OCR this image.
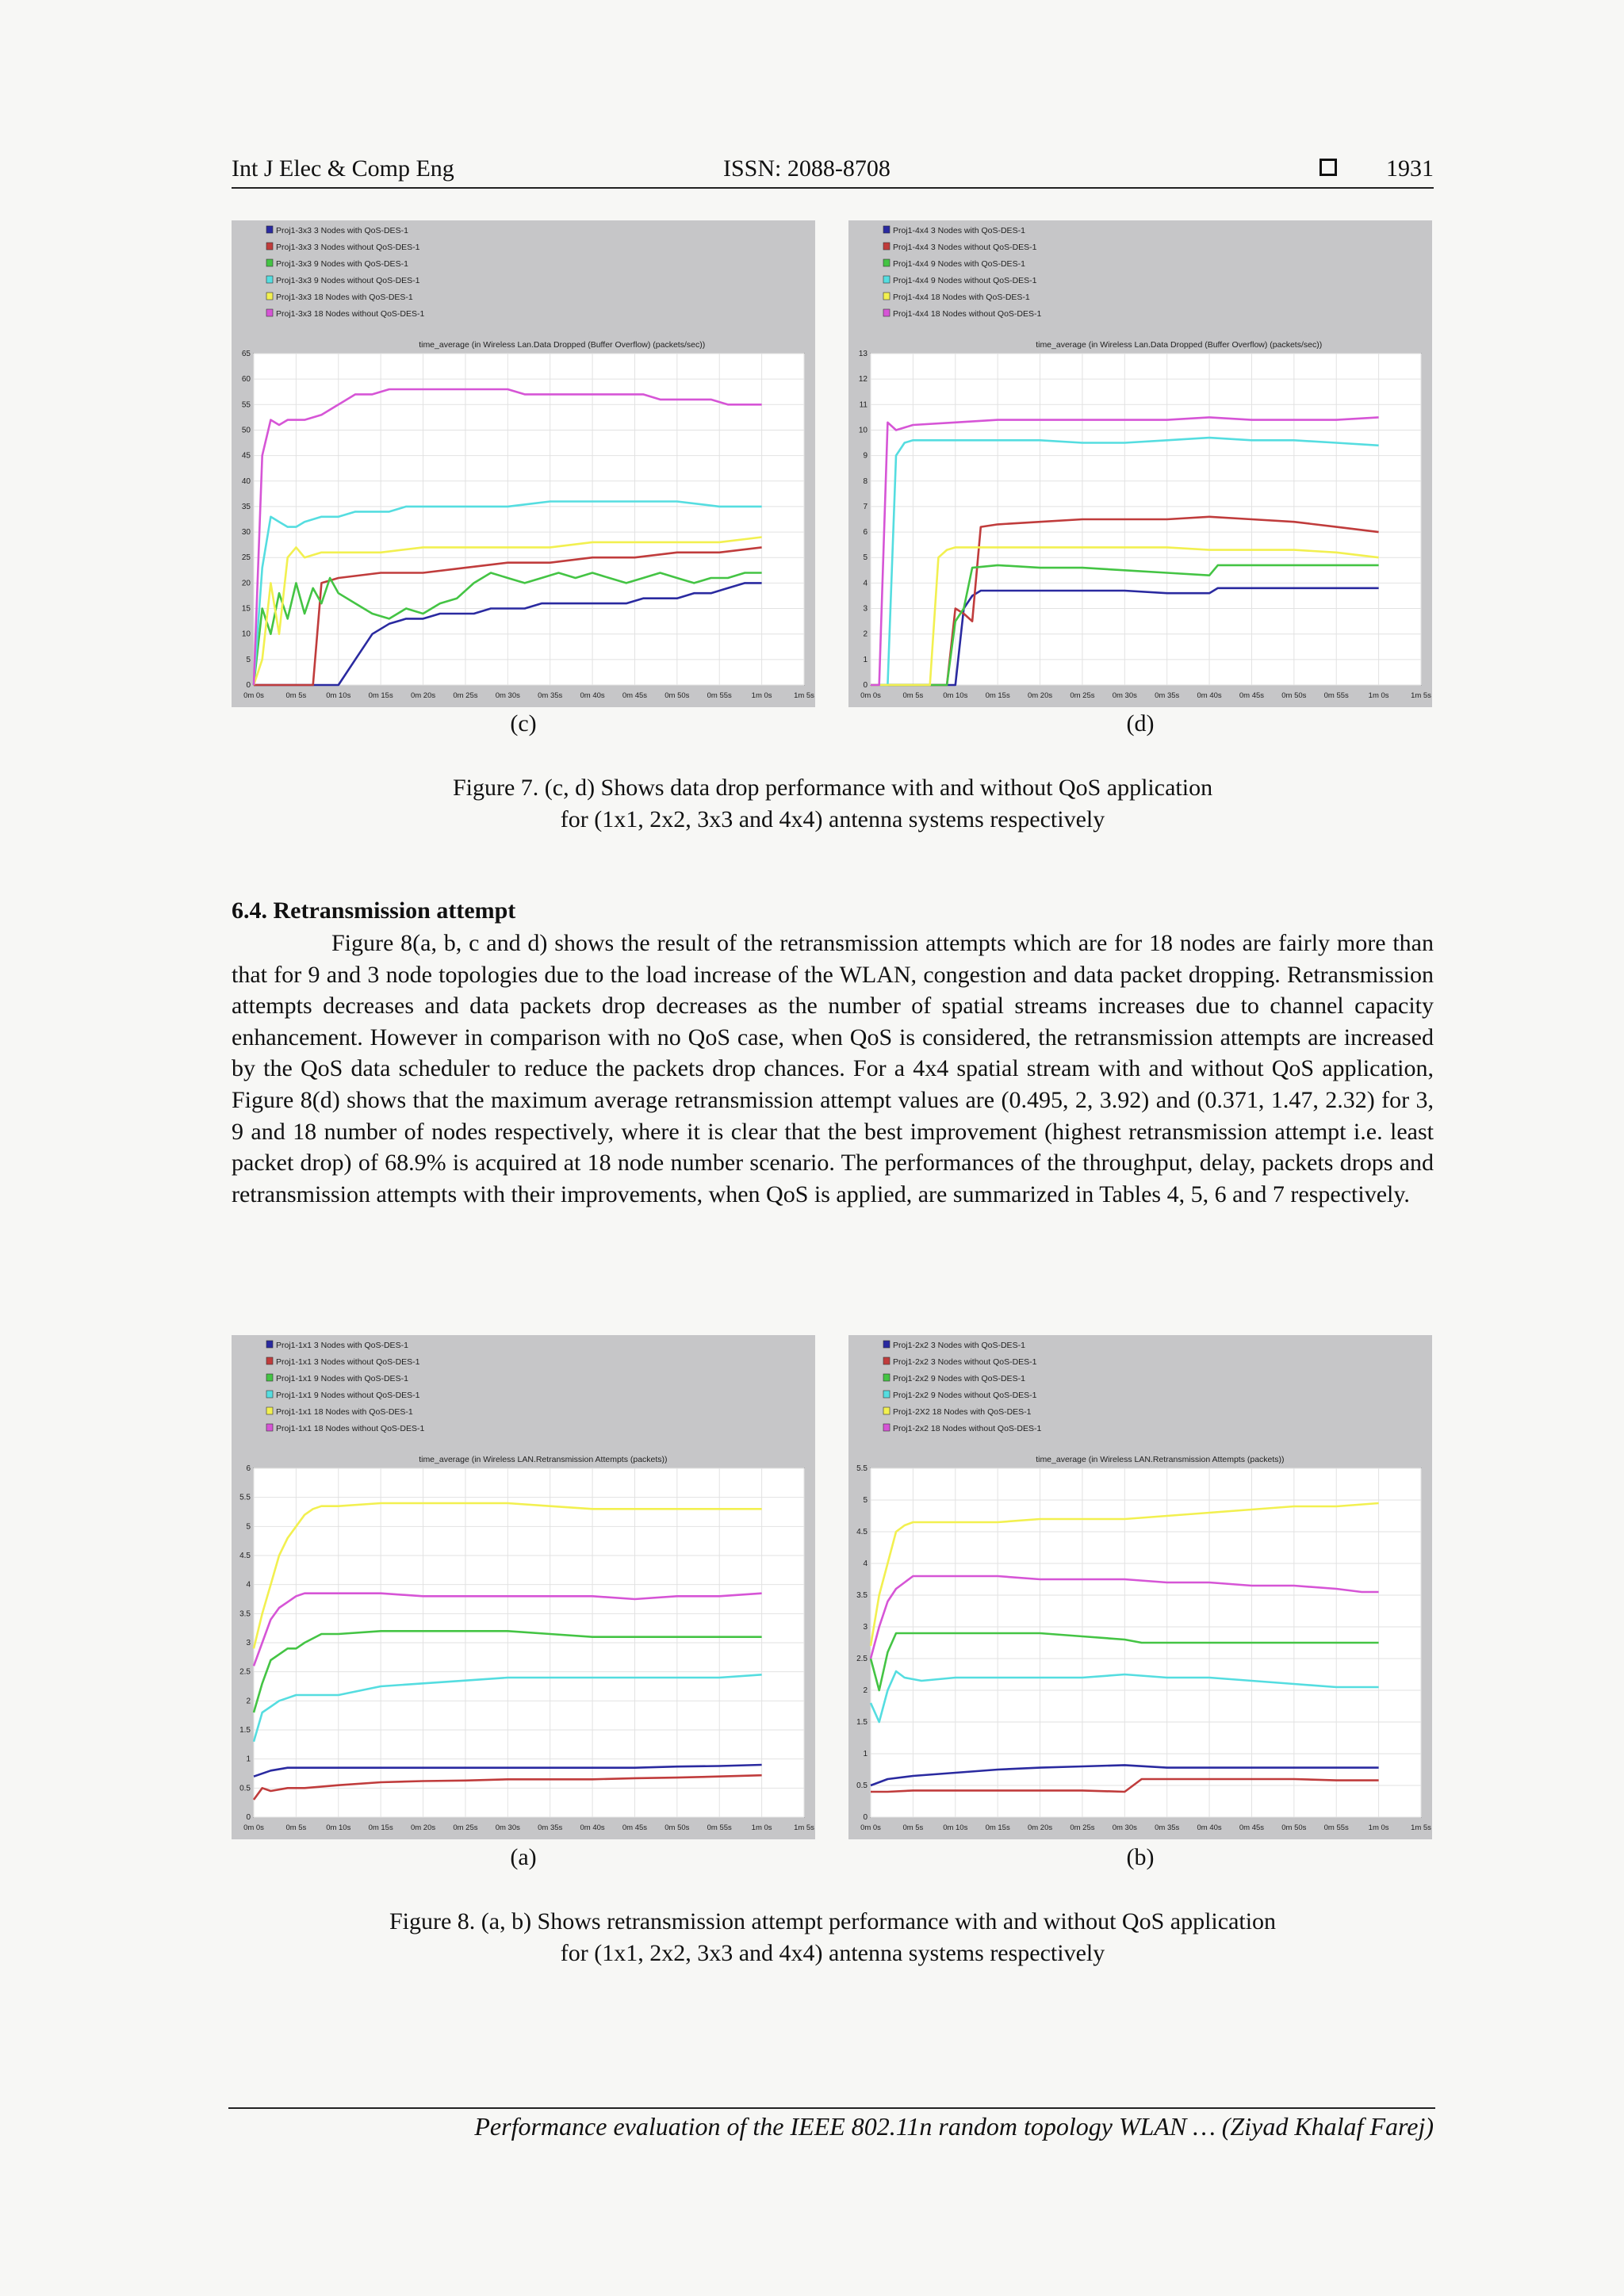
Int J Elec & Comp Eng	ISSN: 2088-8708	1931
Proj1-3x3 3 Nodes with QoS-DES-1
Proj1-3x3 3 Nodes without QoS-DES-1
Proj1-3x3 9 Nodes with QoS-DES-1
Proj1-3x3 9 Nodes without QoS-DES-1
Proj1-3x3 18 Nodes with QoS-DES-1
Proj1-3x3 18 Nodes without QoS-DES-1
time_average (in Wireless Lan.Data Dropped (Buffer Overflow) (packets/sec))
0
5
10
15
20
25
30
35
40
45
50
55
60
65
0m 0s	0m 5s	0m 10s 0m 15s 0m 20s 0m 25s 0m 30s 0m 35s 0m 40s 0m 45s 0m 50s 0m 55s	1m 0s	1m 5s
(c)
Proj1-4x4 3 Nodes with QoS-DES-1
Proj1-4x4 3 Nodes without QoS-DES-1
Proj1-4x4 9 Nodes with QoS-DES-1
Proj1-4x4 9 Nodes without QoS-DES-1
Proj1-4x4 18 Nodes with QoS-DES-1
Proj1-4x4 18 Nodes without QoS-DES-1
time_average (in Wireless Lan.Data Dropped (Buffer Overflow) (packets/sec))
0
1
2
3
4
5
6
7
8
9
10
11
12
13
0m 0s	0m 5s	0m 10s 0m 15s 0m 20s 0m 25s 0m 30s 0m 35s 0m 40s 0m 45s 0m 50s 0m 55s	1m 0s	1m 5s
(d)
Figure 7. (c, d) Shows data drop performance with and without QoS application
for (1x1, 2x2, 3x3 and 4x4) antenna systems respectively
6.4. Retransmission attempt
Figure 8(a, b, c and d) shows the result of the retransmission attempts which are for 18 nodes are fairly more than that for 9 and 3 node topologies due to the load increase of the WLAN, congestion and data packet dropping. Retransmission attempts decreases and data packets drop decreases as the number of spatial streams increases due to channel capacity enhancement. However in comparison with no QoS case, when QoS is considered, the retransmission attempts are increased by the QoS data scheduler to reduce the packets drop chances. For a 4x4 spatial stream with and without QoS application, Figure 8(d) shows that the maximum average retransmission attempt values are (0.495, 2, 3.92) and (0.371, 1.47, 2.32) for 3, 9 and 18 number of nodes respectively, where it is clear that the best improvement (highest retransmission attempt i.e. least packet drop) of 68.9% is acquired at 18 node number scenario. The performances of the throughput, delay, packets drops and retransmission attempts with their improvements, when QoS is applied, are summarized in Tables 4, 5, 6 and 7 respectively.
Proj1-1x1 3 Nodes with QoS-DES-1
Proj1-1x1 3 Nodes without QoS-DES-1
Proj1-1x1 9 Nodes with QoS-DES-1
Proj1-1x1 9 Nodes without QoS-DES-1
Proj1-1x1 18 Nodes with QoS-DES-1
Proj1-1x1 18 Nodes without QoS-DES-1
time_average (in Wireless LAN.Retransmission Attempts (packets))
0
0.5
1
1.5
2
2.5
3
3.5
4
4.5
5
5.5
6
0m 0s	0m 5s	0m 10s 0m 15s 0m 20s 0m 25s 0m 30s 0m 35s 0m 40s 0m 45s 0m 50s 0m 55s	1m 0s	1m 5s
(a)
Proj1-2x2 3 Nodes with QoS-DES-1
Proj1-2x2 3 Nodes without QoS-DES-1
Proj1-2x2 9 Nodes with QoS-DES-1
Proj1-2x2 9 Nodes without QoS-DES-1
Proj1-2X2 18 Nodes with QoS-DES-1
Proj1-2x2 18 Nodes without QoS-DES-1
time_average (in Wireless LAN.Retransmission Attempts (packets))
0
0.5
1
1.5
2
2.5
3
3.5
4
4.5
5
5.5
0m 0s	0m 5s	0m 10s 0m 15s 0m 20s 0m 25s 0m 30s 0m 35s 0m 40s 0m 45s 0m 50s 0m 55s	1m 0s	1m 5s
(b)
Figure 8. (a, b) Shows retransmission attempt performance with and without QoS application
for (1x1, 2x2, 3x3 and 4x4) antenna systems respectively
Performance evaluation of the IEEE 802.11n random topology WLAN … (Ziyad Khalaf Farej)
